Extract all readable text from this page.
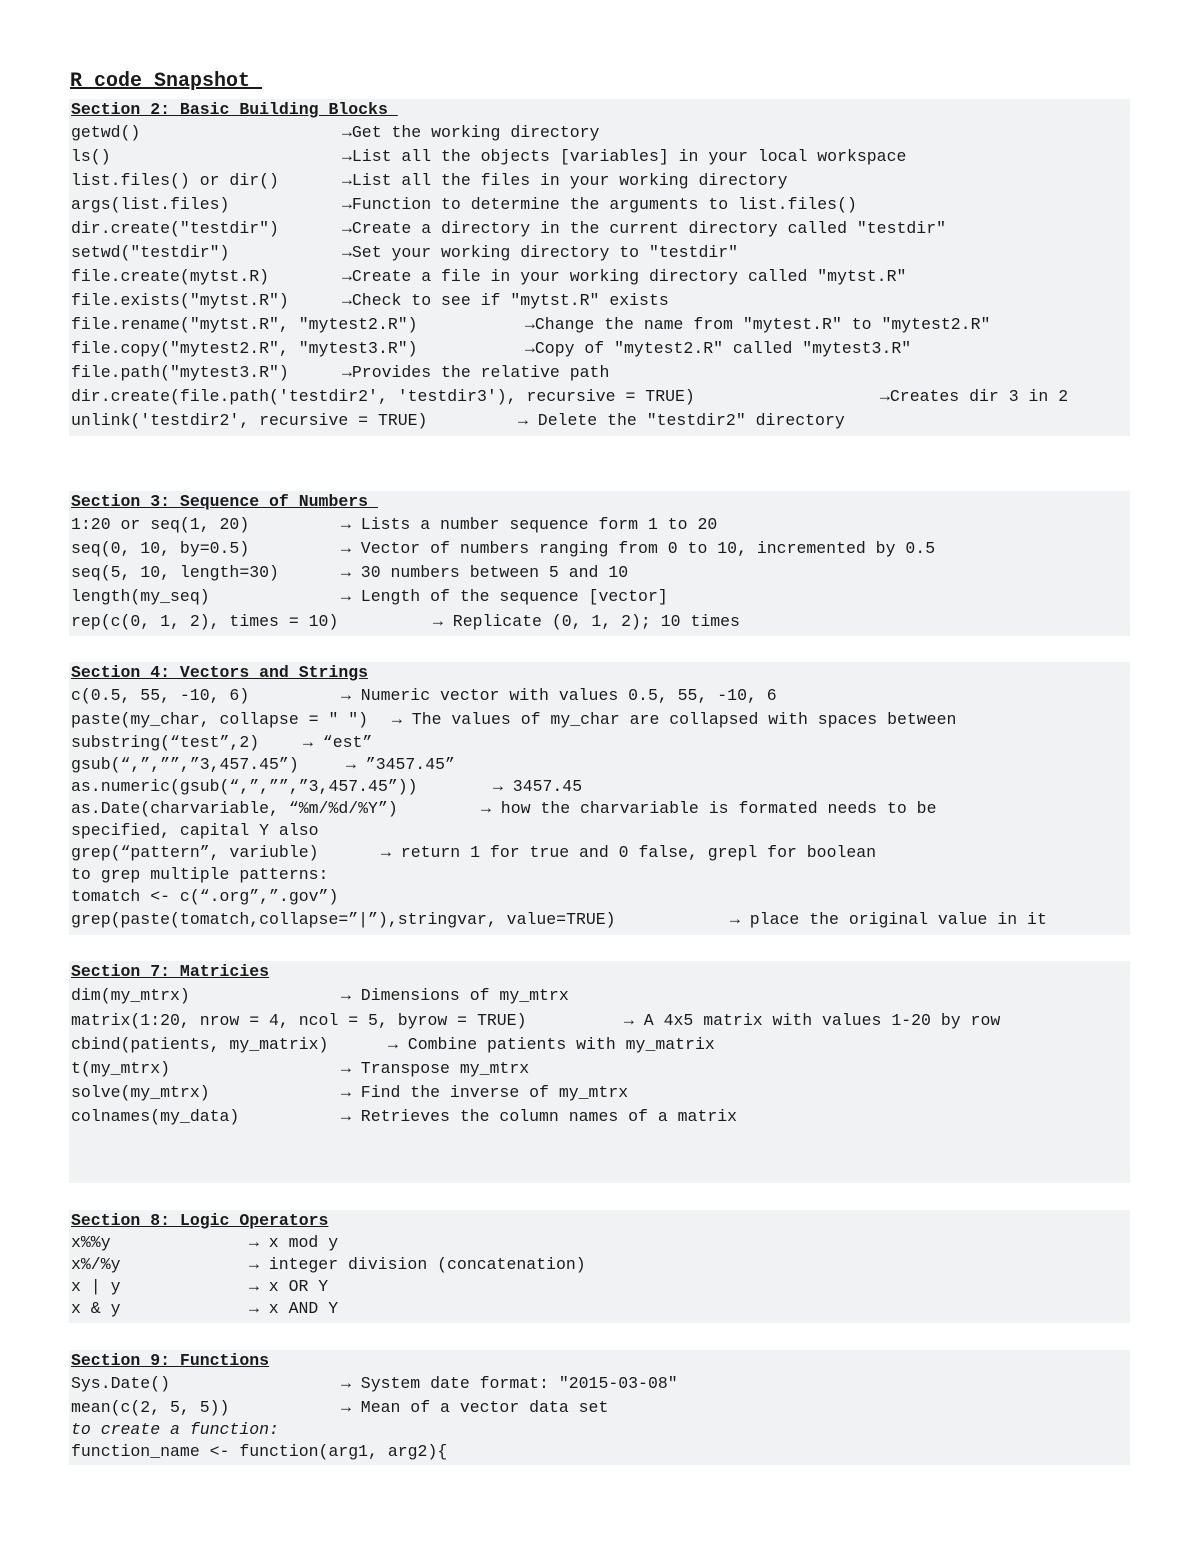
R code Snapshot
Section 2: Basic Building Blocks
getwd()	→Get the working directory
ls()	→List all the objects [variables] in your local workspace
list.files() or dir()	→List all the files in your working directory
args(list.files)	→Function to determine the arguments to list.files()
dir.create("testdir")	→Create a directory in the current directory called "testdir"
setwd("testdir")	→Set your working directory to "testdir"
file.create(mytst.R)	→Create a file in your working directory called "mytst.R"
file.exists("mytst.R")	→Check to see if "mytst.R" exists
file.rename("mytst.R", "mytest2.R")	→Change the name from "mytest.R" to "mytest2.R"
file.copy("mytest2.R", "mytest3.R")	→Copy of "mytest2.R" called "mytest3.R"
file.path("mytest3.R")	→Provides the relative path
dir.create(file.path('testdir2', 'testdir3'), recursive = TRUE)	→Creates dir 3 in 2
unlink('testdir2', recursive = TRUE)	→ Delete the "testdir2" directory
Section 3: Sequence of Numbers
1:20 or seq(1, 20)	→ Lists a number sequence form 1 to 20
seq(0, 10, by=0.5)	→ Vector of numbers ranging from 0 to 10, incremented by 0.5
seq(5, 10, length=30)	→ 30 numbers between 5 and 10
length(my_seq)	→ Length of the sequence [vector]
rep(c(0, 1, 2), times = 10)	→ Replicate (0, 1, 2); 10 times
Section 4: Vectors and Strings
c(0.5, 55, -10, 6)	→ Numeric vector with values 0.5, 55, -10, 6
paste(my_char, collapse = " ") → The values of my_char are collapsed with spaces between
substring(“test”,2)	→ “est”
gsub(“,”,””,”3,457.45”)	→ ”3457.45”
as.numeric(gsub(“,”,””,”3,457.45”))	→ 3457.45
as.Date(charvariable, “%m/%d/%Y”)	→ how the charvariable is formated needs to be
specified, capital Y also
grep(“pattern”, variuble)	→ return 1 for true and 0 false, grepl for boolean
to grep multiple patterns:
tomatch <- c(“.org”,”.gov”)
grep(paste(tomatch,collapse=”|”),stringvar, value=TRUE)	→ place the original value in it
Section 7: Matricies
dim(my_mtrx)	→ Dimensions of my_mtrx
matrix(1:20, nrow = 4, ncol = 5, byrow = TRUE)	→ A 4x5 matrix with values 1-20 by row
cbind(patients, my_matrix)	→ Combine patients with my_matrix
t(my_mtrx)	→ Transpose my_mtrx
solve(my_mtrx)	→ Find the inverse of my_mtrx
colnames(my_data)	→ Retrieves the column names of a matrix
Section 8: Logic Operators
x%%y	→ x mod y
x%/%y	→ integer division (concatenation)
x | y	→ x OR Y
x & y	→ x AND Y
Section 9: Functions
Sys.Date()	→ System date format: "2015-03-08"
mean(c(2, 5, 5))	→ Mean of a vector data set
to create a function:
function_name <- function(arg1, arg2){
